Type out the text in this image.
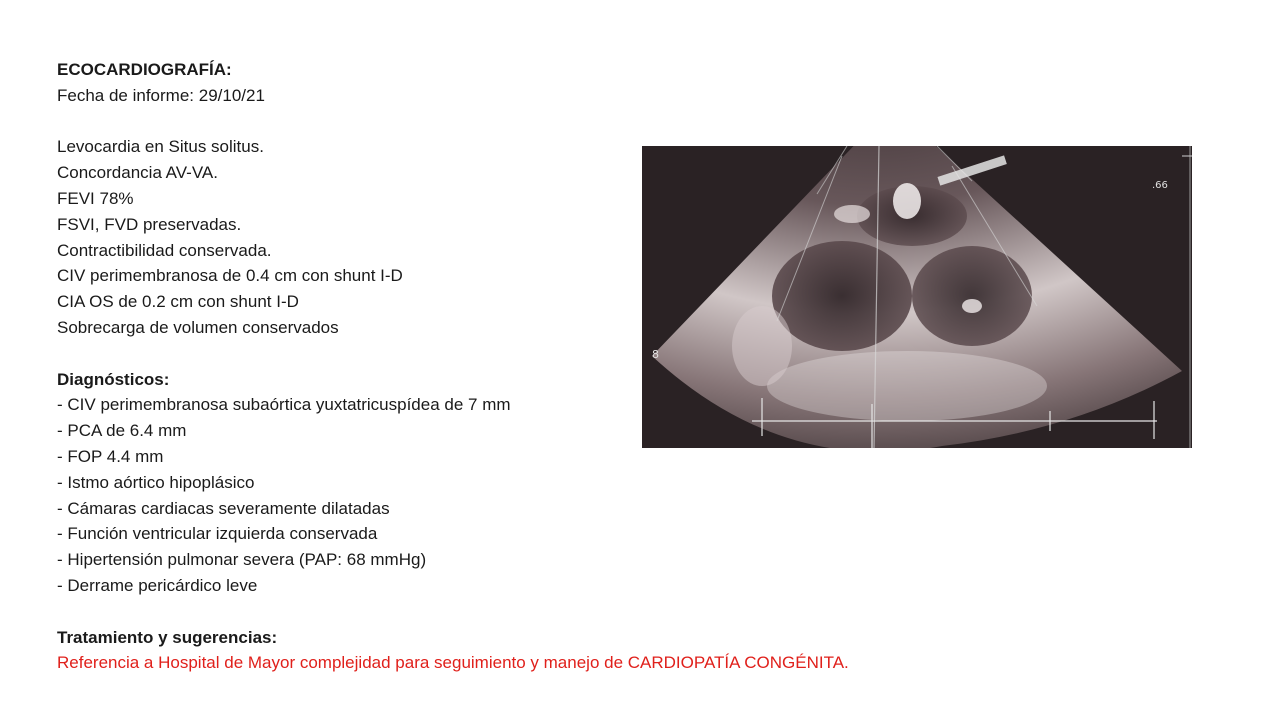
ECOCARDIOGRAFÍA:
Fecha de informe: 29/10/21
Levocardia en Situs solitus.
Concordancia AV-VA.
FEVI 78%
FSVI, FVD preservadas.
Contractibilidad conservada.
CIV perimembranosa de 0.4 cm con shunt I-D
CIA OS de 0.2 cm con shunt I-D
Sobrecarga de volumen conservados
Diagnósticos:
- CIV perimembranosa subaórtica yuxtatricuspídea de 7 mm
- PCA de 6.4 mm
- FOP 4.4 mm
- Istmo aórtico hipoplásico
- Cámaras cardiacas severamente dilatadas
- Función ventricular izquierda conservada
- Hipertensión pulmonar severa (PAP: 68 mmHg)
- Derrame pericárdico leve
Tratamiento y sugerencias:
Referencia a Hospital de Mayor complejidad para seguimiento y manejo de CARDIOPATÍA CONGÉNITA.
.66
8
